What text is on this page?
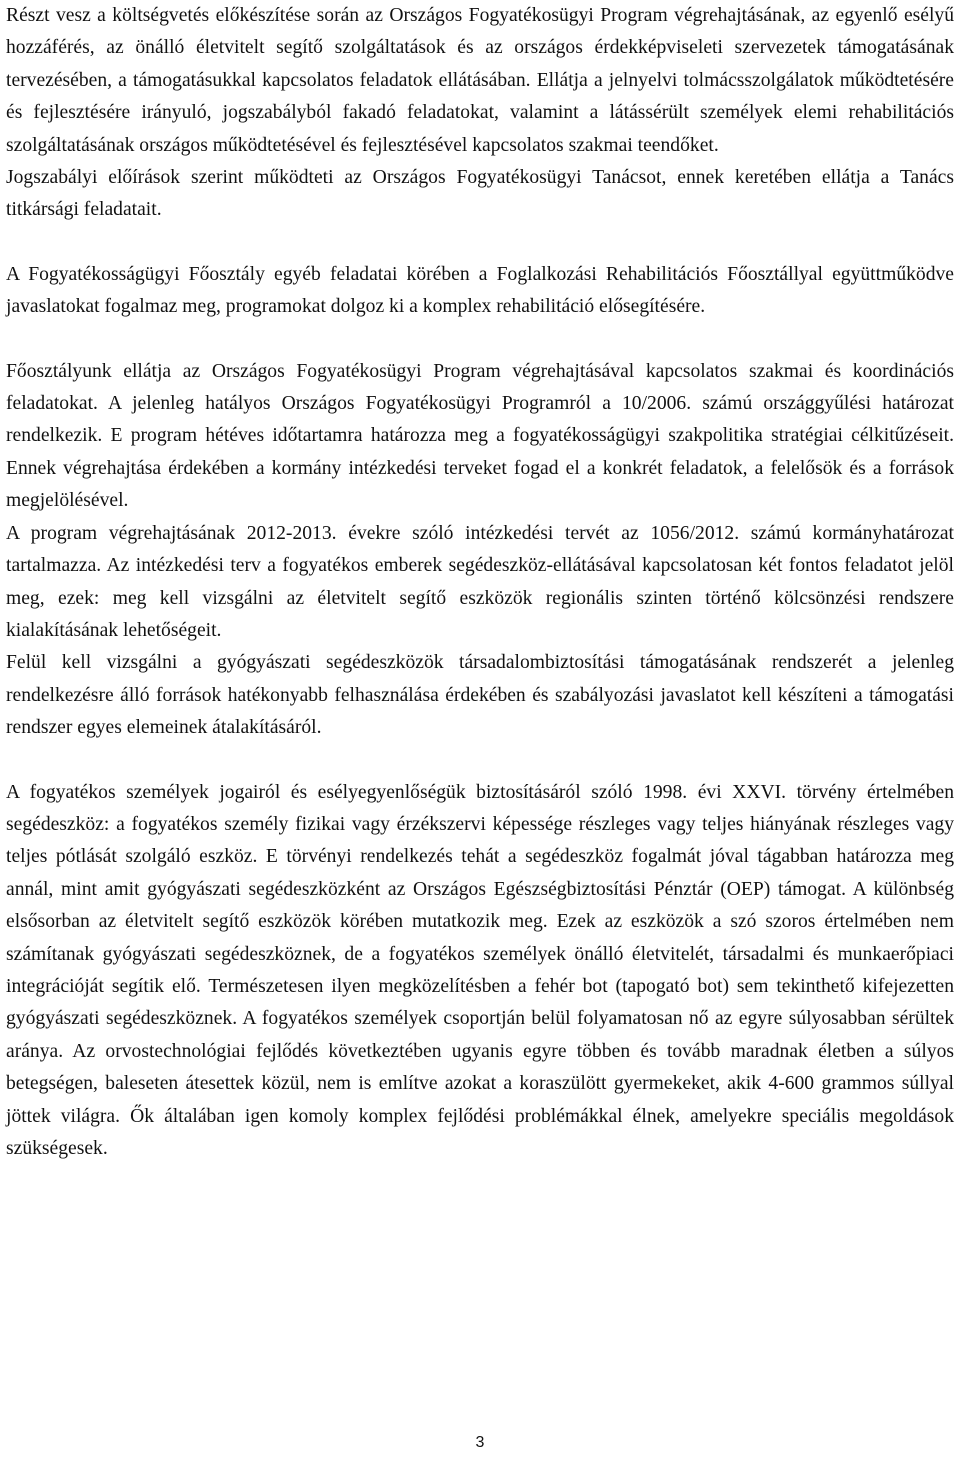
Részt vesz a költségvetés előkészítése során az Országos Fogyatékosügyi Program végrehajtásának, az egyenlő esélyű hozzáférés, az önálló életvitelt segítő szolgáltatások és az országos érdekképviseleti szervezetek támogatásának tervezésében, a támogatásukkal kapcsolatos feladatok ellátásában. Ellátja a jelnyelvi tolmácsszolgálatok működtetésére és fejlesztésére irányuló, jogszabályból fakadó feladatokat, valamint a látássérült személyek elemi rehabilitációs szolgáltatásának országos működtetésével és fejlesztésével kapcsolatos szakmai teendőket.

Jogszabályi előírások szerint működteti az Országos Fogyatékosügyi Tanácsot, ennek keretében ellátja a Tanács titkársági feladatait.

A Fogyatékosságügyi Főosztály egyéb feladatai körében a Foglalkozási Rehabilitációs Főosztállyal együttműködve javaslatokat fogalmaz meg, programokat dolgoz ki a komplex rehabilitáció elősegítésére.

Főosztályunk ellátja az Országos Fogyatékosügyi Program végrehajtásával kapcsolatos szakmai és koordinációs feladatokat. A jelenleg hatályos Országos Fogyatékosügyi Programról a 10/2006. számú országgyűlési határozat rendelkezik. E program hétéves időtartamra határozza meg a fogyatékosságügyi szakpolitika stratégiai célkitűzéseit. Ennek végrehajtása érdekében a kormány intézkedési terveket fogad el a konkrét feladatok, a felelősök és a források megjelölésével.

A program végrehajtásának 2012-2013. évekre szóló intézkedési tervét az 1056/2012. számú kormányhatározat tartalmazza. Az intézkedési terv a fogyatékos emberek segédeszköz-ellátásával kapcsolatosan két fontos feladatot jelöl meg, ezek: meg kell vizsgálni az életvitelt segítő eszközök regionális szinten történő kölcsönzési rendszere kialakításának lehetőségeit.

Felül kell vizsgálni a gyógyászati segédeszközök társadalombiztosítási támogatásának rendszerét a jelenleg rendelkezésre álló források hatékonyabb felhasználása érdekében és szabályozási javaslatot kell készíteni a támogatási rendszer egyes elemeinek átalakításáról.

A fogyatékos személyek jogairól és esélyegyenlőségük biztosításáról szóló 1998. évi XXVI. törvény értelmében segédeszköz: a fogyatékos személy fizikai vagy érzékszervi képessége részleges vagy teljes hiányának részleges vagy teljes pótlását szolgáló eszköz. E törvényi rendelkezés tehát a segédeszköz fogalmát jóval tágabban határozza meg annál, mint amit gyógyászati segédeszközként az Országos Egészségbiztosítási Pénztár (OEP) támogat. A különbség elsősorban az életvitelt segítő eszközök körében mutatkozik meg. Ezek az eszközök a szó szoros értelmében nem számítanak gyógyászati segédeszköznek, de a fogyatékos személyek önálló életvitelét, társadalmi és munkaerőpiaci integrációját segítik elő. Természetesen ilyen megközelítésben a fehér bot (tapogató bot) sem tekinthető kifejezetten gyógyászati segédeszköznek. A fogyatékos személyek csoportján belül folyamatosan nő az egyre súlyosabban sérültek aránya. Az orvostechnológiai fejlődés következtében ugyanis egyre többen és tovább maradnak életben a súlyos betegségen, baleseten átesettek közül, nem is említve azokat a koraszülött gyermekeket, akik 4-600 grammos súllyal jöttek világra. Ők általában igen komoly komplex fejlődési problémákkal élnek, amelyekre speciális megoldások szükségesek.

3
